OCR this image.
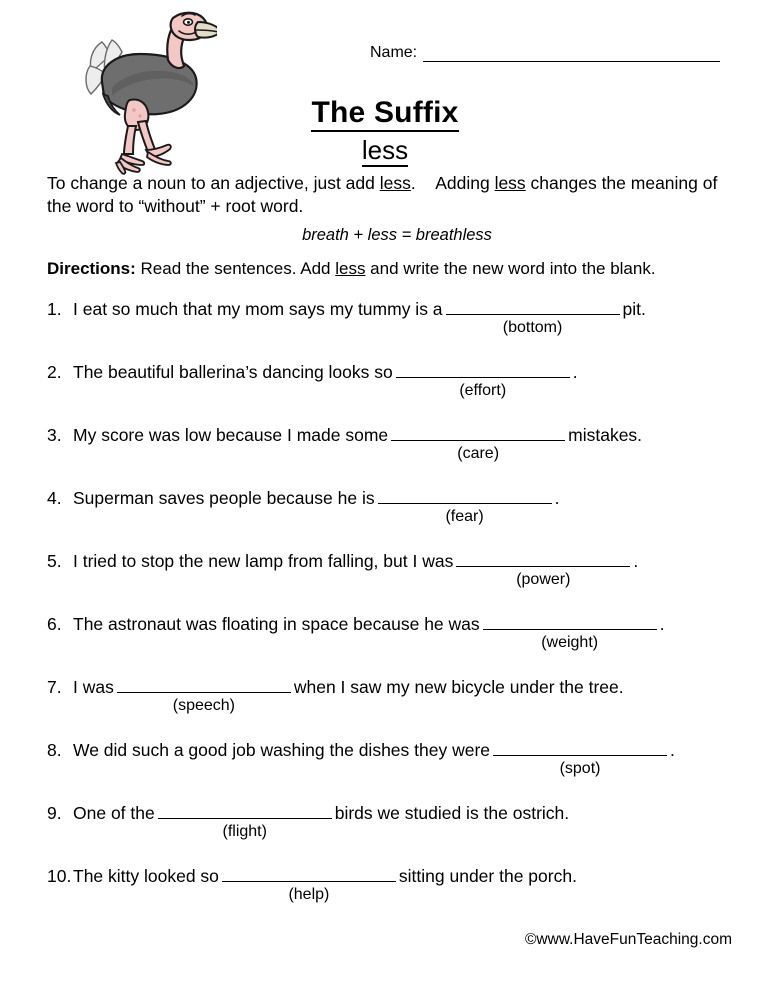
Name:
The Suffix
less
To change a noun to an adjective, just add less. Adding less changes the meaning of the word to “without” + root word.
breath + less = breathless
Directions: Read the sentences. Add less and write the new word into the blank.
1. I eat so much that my mom says my tummy is a
(bottom)
pit.
2. The beautiful ballerina’s dancing looks so
(effort)
.
3. My score was low because I made some
(care)
mistakes.
4. Superman saves people because he is
(fear)
.
5. I tried to stop the new lamp from falling, but I was
(power)
.
6. The astronaut was floating in space because he was
(weight)
.
7. I was
(speech)
when I saw my new bicycle under the tree.
8. We did such a good job washing the dishes they were
(spot)
.
9. One of the
(flight)
birds we studied is the ostrich.
10. The kitty looked so
(help)
sitting under the porch.
©www.HaveFunTeaching.com
